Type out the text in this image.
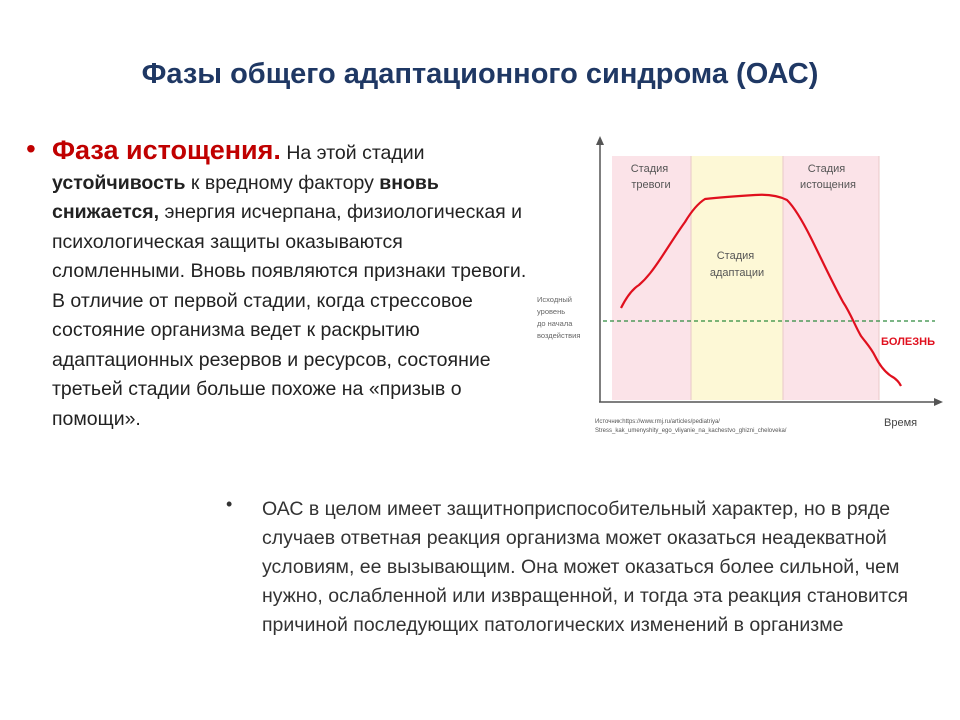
Фазы общего адаптационного синдрома (ОАС)
• Фаза истощения. На этой стадии устойчивость к вредному фактору вновь снижается, энергия исчерпана, физиологическая и психологическая защиты оказываются сломленными. Вновь появляются признаки тревоги. В отличие от первой стадии, когда стрессовое состояние организма ведет к раскрытию адаптационных резервов и ресурсов, состояние третьей стадии больше похоже на «призыв о помощи».
Стадия тревоги
Стадия адаптации
Стадия истощения
Исходный уровень до начала воздействия
БОЛЕЗНЬ
Время
Источник:https://www.rmj.ru/articles/pediatriya/ Stress_kak_umenyshity_ego_vliyanie_na_kachestvo_ghizni_cheloveka/
• ОАС в целом имеет защитноприспособительный характер, но в ряде случаев ответная реакция организма может оказаться неадекватной условиям, ее вызывающим. Она может оказаться более сильной, чем нужно, ослабленной или извращенной, и тогда эта реакция становится причиной последующих патологических изменений в организме
